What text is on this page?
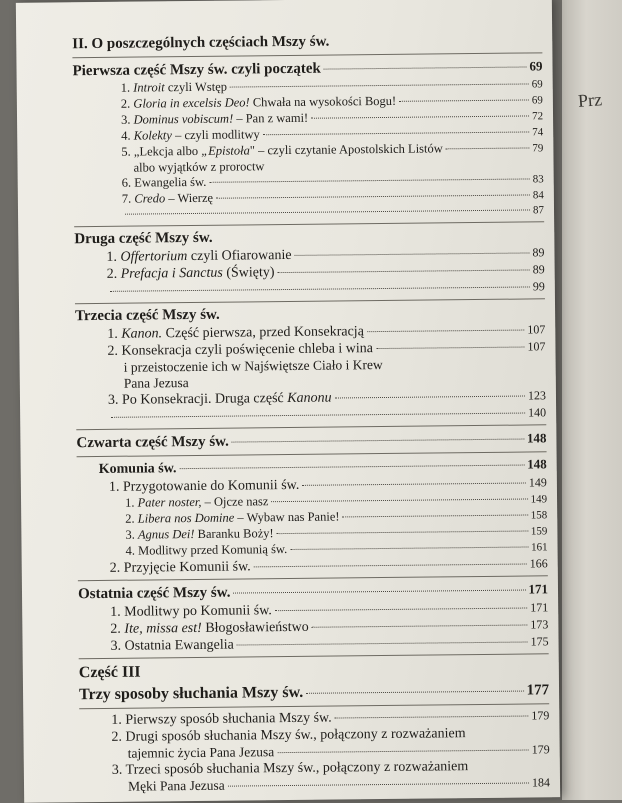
Prz
II. O poszczególnych częściach Mszy św.
Pierwsza część Mszy św. czyli początek	69
1. Introit czyli Wstęp	69
2. Gloria in excelsis Deo! Chwała na wysokości Bogu!	69
3. Dominus vobiscum! – Pan z wami!	72
4. Kolekty – czyli modlitwy	74
5. „Lekcja albo „Epistoła" – czyli czytanie Apostolskich Listów	79
albo wyjątków z proroctw
6. Ewangelia św.	83
7. Credo – Wierzę	84
87
Druga część Mszy św.
1. Offertorium czyli Ofiarowanie	89
2. Prefacja i Sanctus (Święty)	89
99
Trzecia część Mszy św.
1. Kanon. Część pierwsza, przed Konsekracją	107
2. Konsekracja czyli poświęcenie chleba i wina	107
i przeistoczenie ich w Najświętsze Ciało i Krew
Pana Jezusa
3. Po Konsekracji. Druga część Kanonu	123
140
Czwarta część Mszy św.	148
Komunia św.	148
1. Przygotowanie do Komunii św.	149
1. Pater noster, – Ojcze nasz	149
2. Libera nos Domine – Wybaw nas Panie!	158
3. Agnus Dei! Baranku Boży!	159
4. Modlitwy przed Komunią św.	161
2. Przyjęcie Komunii św.	166
Ostatnia część Mszy św.	171
1. Modlitwy po Komunii św.	171
2. Ite, missa est! Błogosławieństwo	173
3. Ostatnia Ewangelia	175
Część III
Trzy sposoby słuchania Mszy św.	177
1. Pierwszy sposób słuchania Mszy św.	179
2. Drugi sposób słuchania Mszy św., połączony z rozważaniem
tajemnic życia Pana Jezusa	179
3. Trzeci sposób słuchania Mszy św., połączony z rozważaniem
Męki Pana Jezusa	184
